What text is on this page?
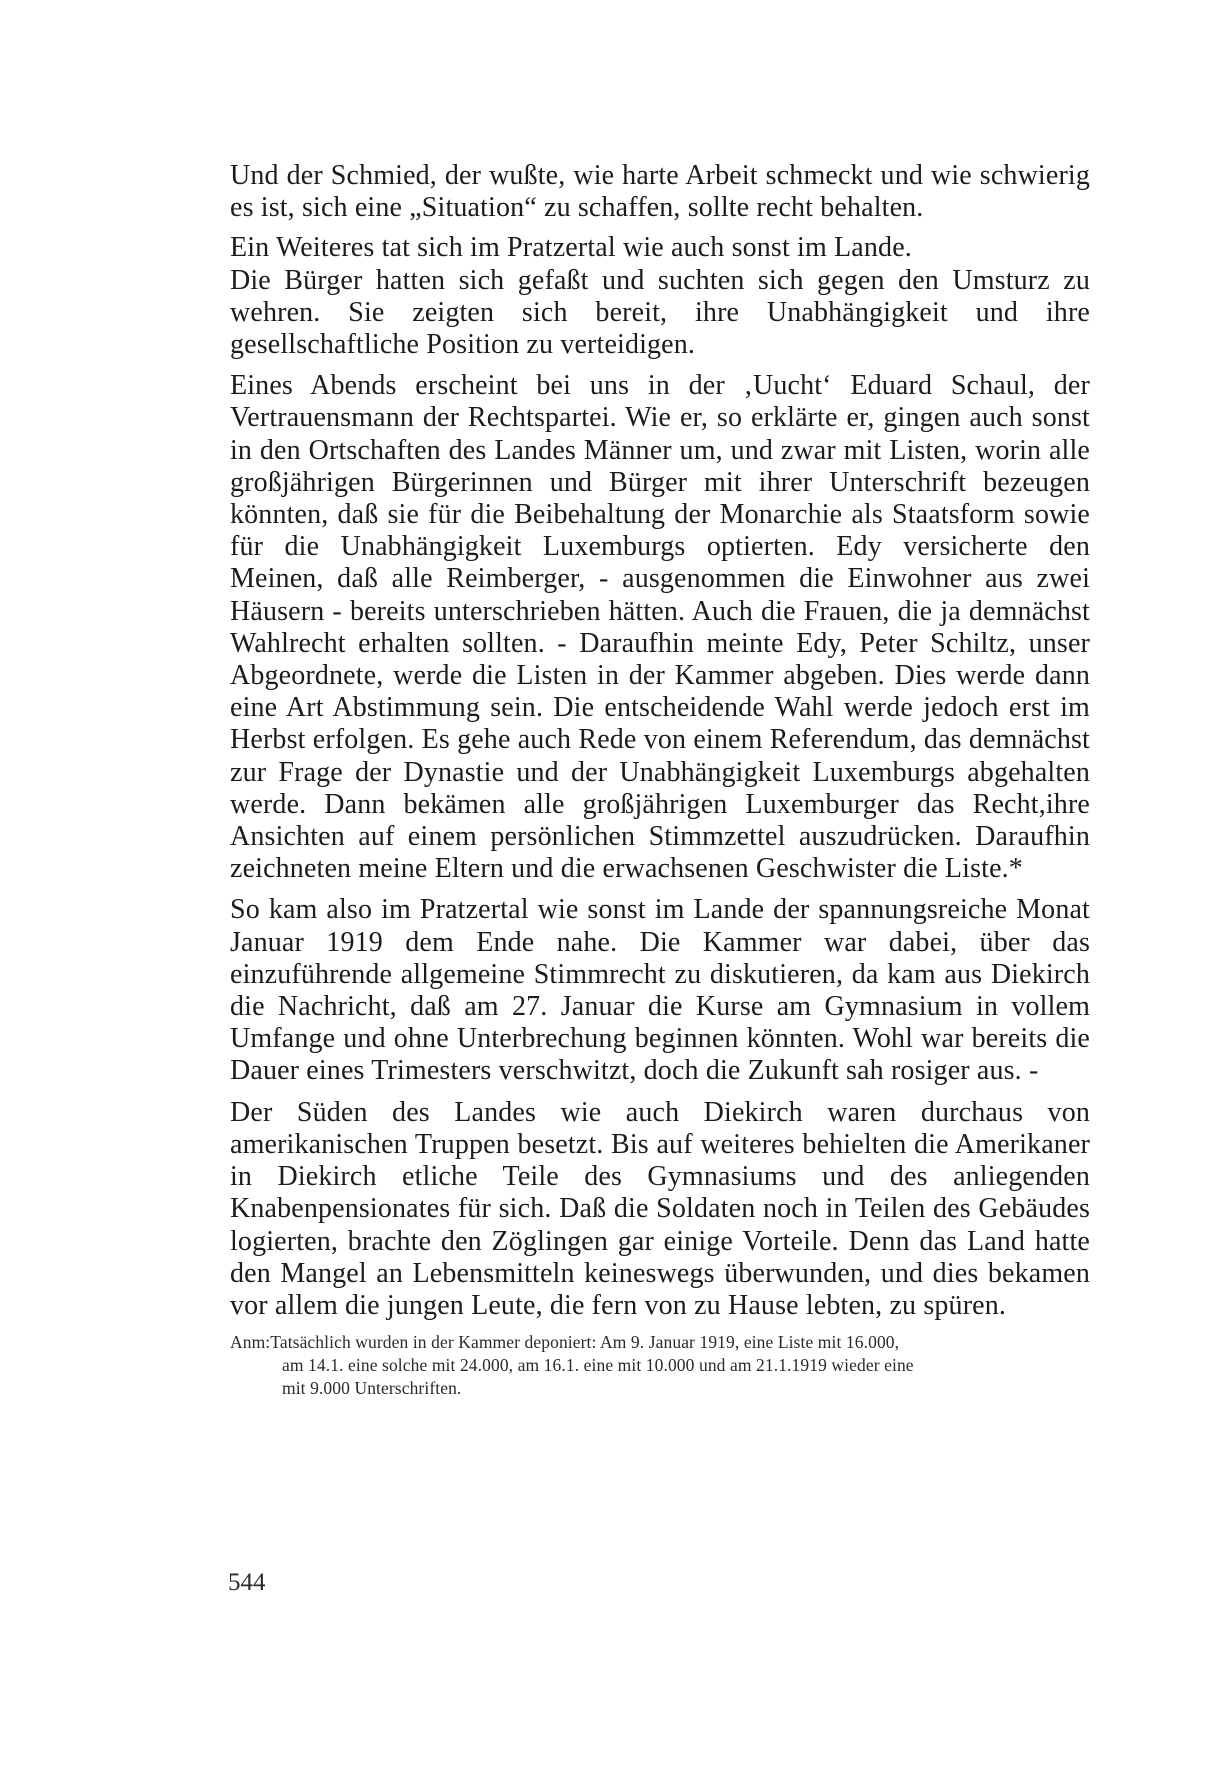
Und der Schmied, der wußte, wie harte Arbeit schmeckt und wie schwierig es ist, sich eine „Situation“ zu schaffen, sollte recht behalten.

Ein Weiteres tat sich im Pratzertal wie auch sonst im Lande.
Die Bürger hatten sich gefaßt und suchten sich gegen den Umsturz zu wehren. Sie zeigten sich bereit, ihre Unabhängigkeit und ihre gesellschaftliche Position zu verteidigen.

Eines Abends erscheint bei uns in der ‚Uucht‘ Eduard Schaul, der Vertrauensmann der Rechtspartei. Wie er, so erklärte er, gingen auch sonst in den Ortschaften des Landes Männer um, und zwar mit Listen, worin alle großjährigen Bürgerinnen und Bürger mit ihrer Unterschrift bezeugen könnten, daß sie für die Beibehaltung der Monarchie als Staatsform sowie für die Unabhängigkeit Luxemburgs optierten. Edy versicherte den Meinen, daß alle Reimberger, - ausgenommen die Einwohner aus zwei Häusern - bereits unterschrieben hätten. Auch die Frauen, die ja demnächst Wahlrecht erhalten sollten. - Daraufhin meinte Edy, Peter Schiltz, unser Abgeordnete, werde die Listen in der Kammer abgeben. Dies werde dann eine Art Abstimmung sein. Die entscheidende Wahl werde jedoch erst im Herbst erfolgen. Es gehe auch Rede von einem Referendum, das demnächst zur Frage der Dynastie und der Unabhängigkeit Luxemburgs abgehalten werde. Dann bekämen alle großjährigen Luxemburger das Recht,ihre Ansichten auf einem persönlichen Stimmzettel auszudrücken. Daraufhin zeichneten meine Eltern und die erwachsenen Geschwister die Liste.*

So kam also im Pratzertal wie sonst im Lande der spannungsreiche Monat Januar 1919 dem Ende nahe. Die Kammer war dabei, über das einzuführende allgemeine Stimmrecht zu diskutieren, da kam aus Diekirch die Nachricht, daß am 27. Januar die Kurse am Gymnasium in vollem Umfange und ohne Unterbrechung beginnen könnten. Wohl war bereits die Dauer eines Trimesters verschwitzt, doch die Zukunft sah rosiger aus. -

Der Süden des Landes wie auch Diekirch waren durchaus von amerikanischen Truppen besetzt. Bis auf weiteres behielten die Amerikaner in Diekirch etliche Teile des Gymnasiums und des anliegenden Knabenpensionates für sich. Daß die Soldaten noch in Teilen des Gebäudes logierten, brachte den Zöglingen gar einige Vorteile. Denn das Land hatte den Mangel an Lebensmitteln keineswegs überwunden, und dies bekamen vor allem die jungen Leute, die fern von zu Hause lebten, zu spüren.

Anm:Tatsächlich wurden in der Kammer deponiert: Am 9. Januar 1919, eine Liste mit 16.000,
am 14.1. eine solche mit 24.000, am 16.1. eine mit 10.000 und am 21.1.1919 wieder eine
mit 9.000 Unterschriften.
544
